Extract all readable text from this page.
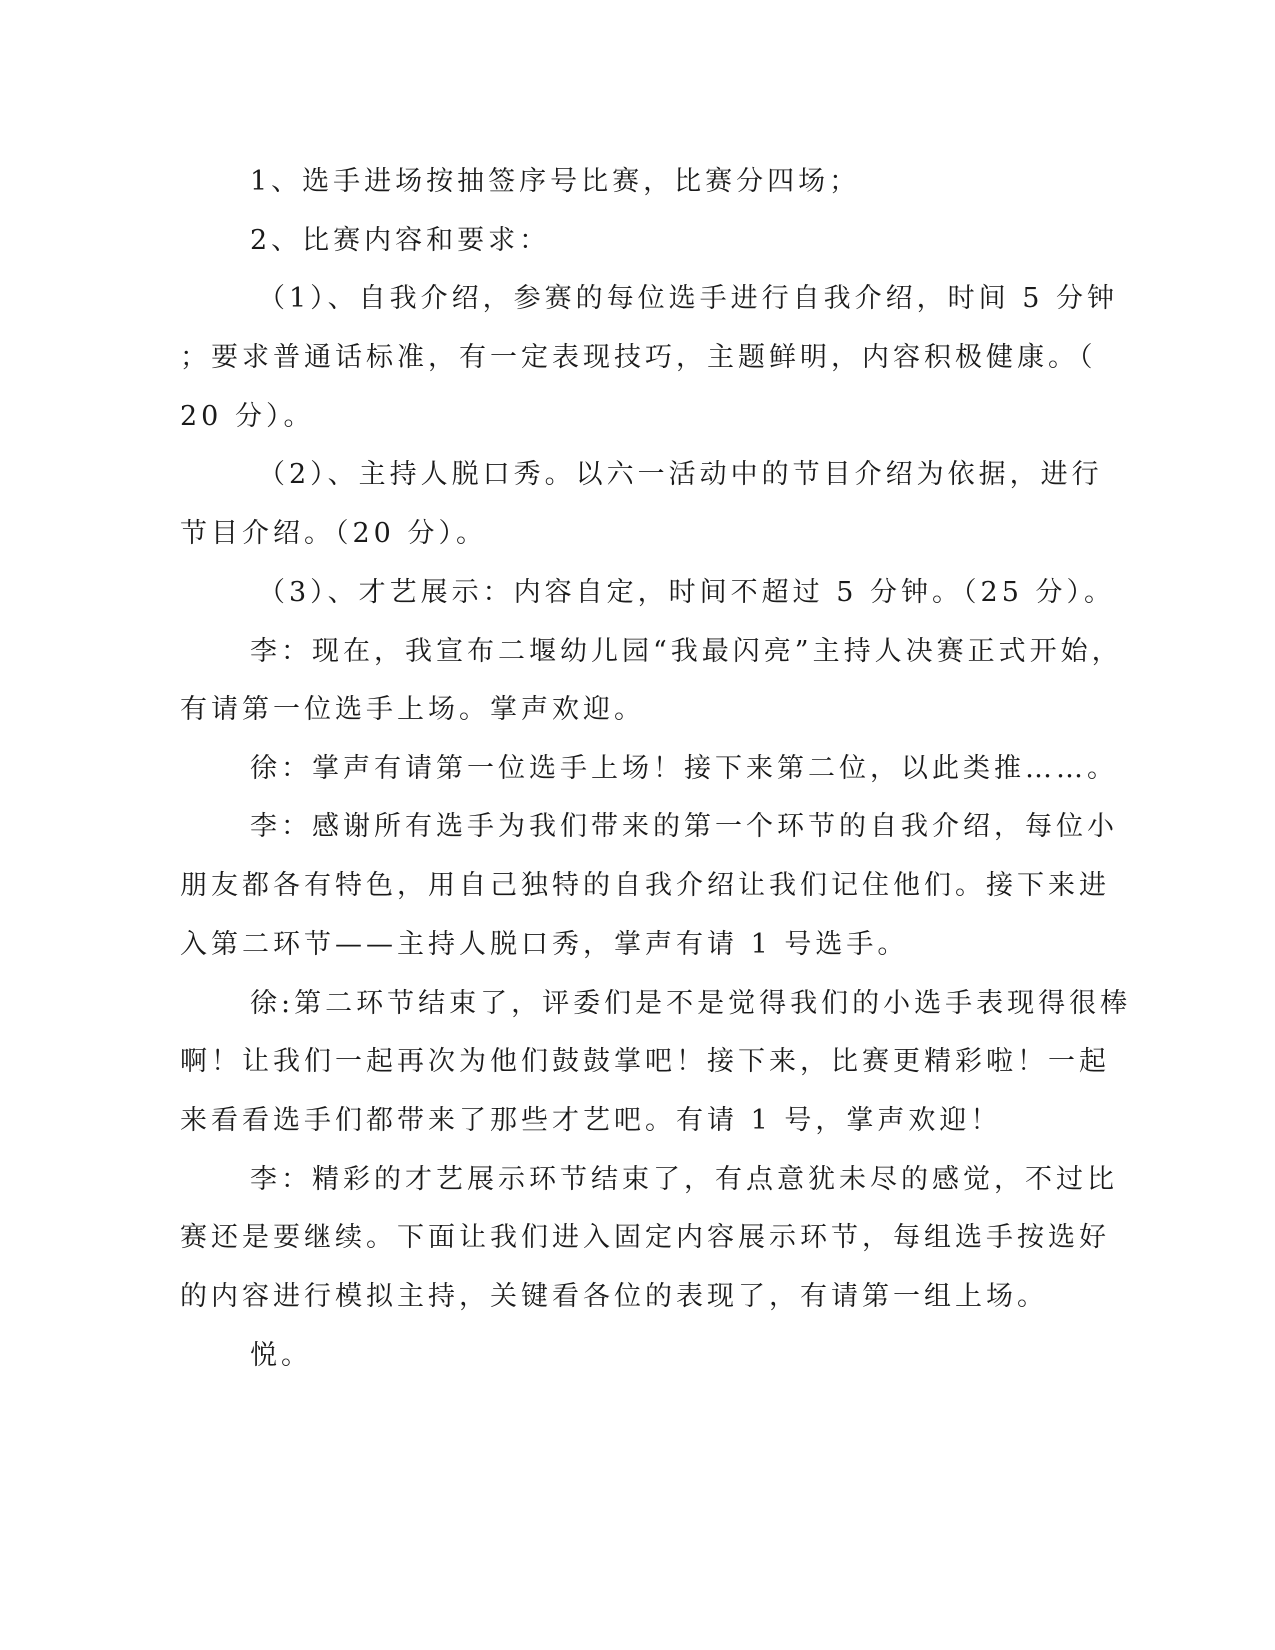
1、选手进场按抽签序号比赛，比赛分四场；
2、比赛内容和要求：
（1）、自我介绍，参赛的每位选手进行自我介绍，时间 5 分钟
；要求普通话标准，有一定表现技巧，主题鲜明，内容积极健康。（
20 分）。
（2）、主持人脱口秀。以六一活动中的节目介绍为依据，进行
节目介绍。（20 分）。
（3）、才艺展示：内容自定，时间不超过 5 分钟。（25 分）。
李：现在，我宣布二堰幼儿园“我最闪亮”主持人决赛正式开始，
有请第一位选手上场。掌声欢迎。
徐：掌声有请第一位选手上场！接下来第二位，以此类推……。
李：感谢所有选手为我们带来的第一个环节的自我介绍，每位小
朋友都各有特色，用自己独特的自我介绍让我们记住他们。接下来进
入第二环节——主持人脱口秀，掌声有请 1 号选手。
徐:第二环节结束了，评委们是不是觉得我们的小选手表现得很棒
啊！让我们一起再次为他们鼓鼓掌吧！接下来，比赛更精彩啦！一起
来看看选手们都带来了那些才艺吧。有请 1 号，掌声欢迎！
李：精彩的才艺展示环节结束了，有点意犹未尽的感觉，不过比
赛还是要继续。下面让我们进入固定内容展示环节，每组选手按选好
的内容进行模拟主持，关键看各位的表现了，有请第一组上场。
悦。
